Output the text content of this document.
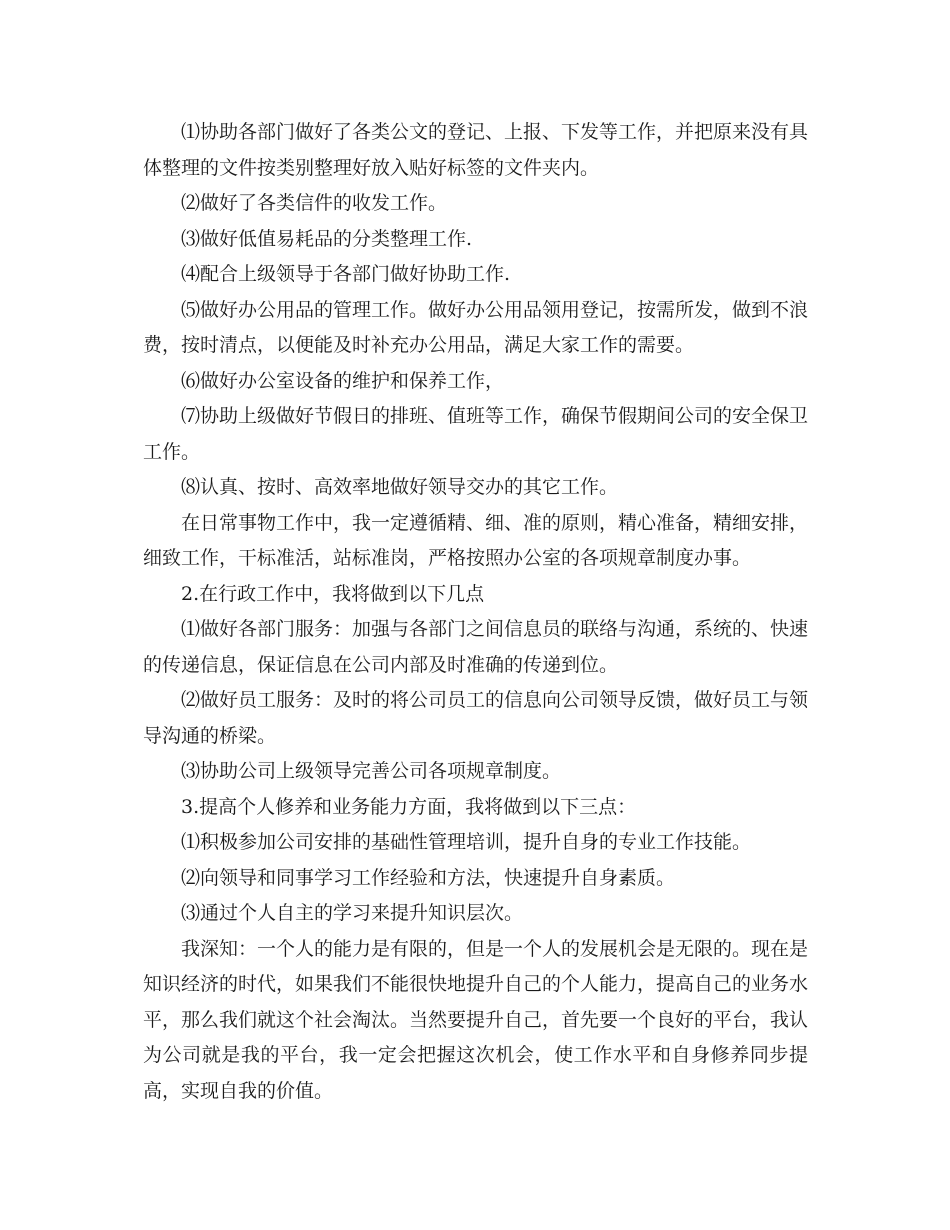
⑴协助各部门做好了各类公文的登记、上报、下发等工作，并把原来没有具体整理的文件按类别整理好放入贴好标签的文件夹内。

⑵做好了各类信件的收发工作。

⑶做好低值易耗品的分类整理工作.

⑷配合上级领导于各部门做好协助工作.

⑸做好办公用品的管理工作。做好办公用品领用登记，按需所发，做到不浪费，按时清点，以便能及时补充办公用品，满足大家工作的需要。

⑹做好办公室设备的维护和保养工作，

⑺协助上级做好节假日的排班、值班等工作，确保节假期间公司的安全保卫工作。

⑻认真、按时、高效率地做好领导交办的其它工作。

在日常事物工作中，我一定遵循精、细、准的原则，精心准备，精细安排，细致工作，干标准活，站标准岗，严格按照办公室的各项规章制度办事。

2.在行政工作中，我将做到以下几点

⑴做好各部门服务：加强与各部门之间信息员的联络与沟通，系统的、快速的传递信息，保证信息在公司内部及时准确的传递到位。

⑵做好员工服务：及时的将公司员工的信息向公司领导反馈，做好员工与领导沟通的桥梁。

⑶协助公司上级领导完善公司各项规章制度。

3.提高个人修养和业务能力方面，我将做到以下三点：

⑴积极参加公司安排的基础性管理培训，提升自身的专业工作技能。

⑵向领导和同事学习工作经验和方法，快速提升自身素质。

⑶通过个人自主的学习来提升知识层次。

我深知：一个人的能力是有限的，但是一个人的发展机会是无限的。现在是知识经济的时代，如果我们不能很快地提升自己的个人能力，提高自己的业务水平，那么我们就这个社会淘汰。当然要提升自己，首先要一个良好的平台，我认为公司就是我的平台，我一定会把握这次机会，使工作水平和自身修养同步提高，实现自我的价值。
